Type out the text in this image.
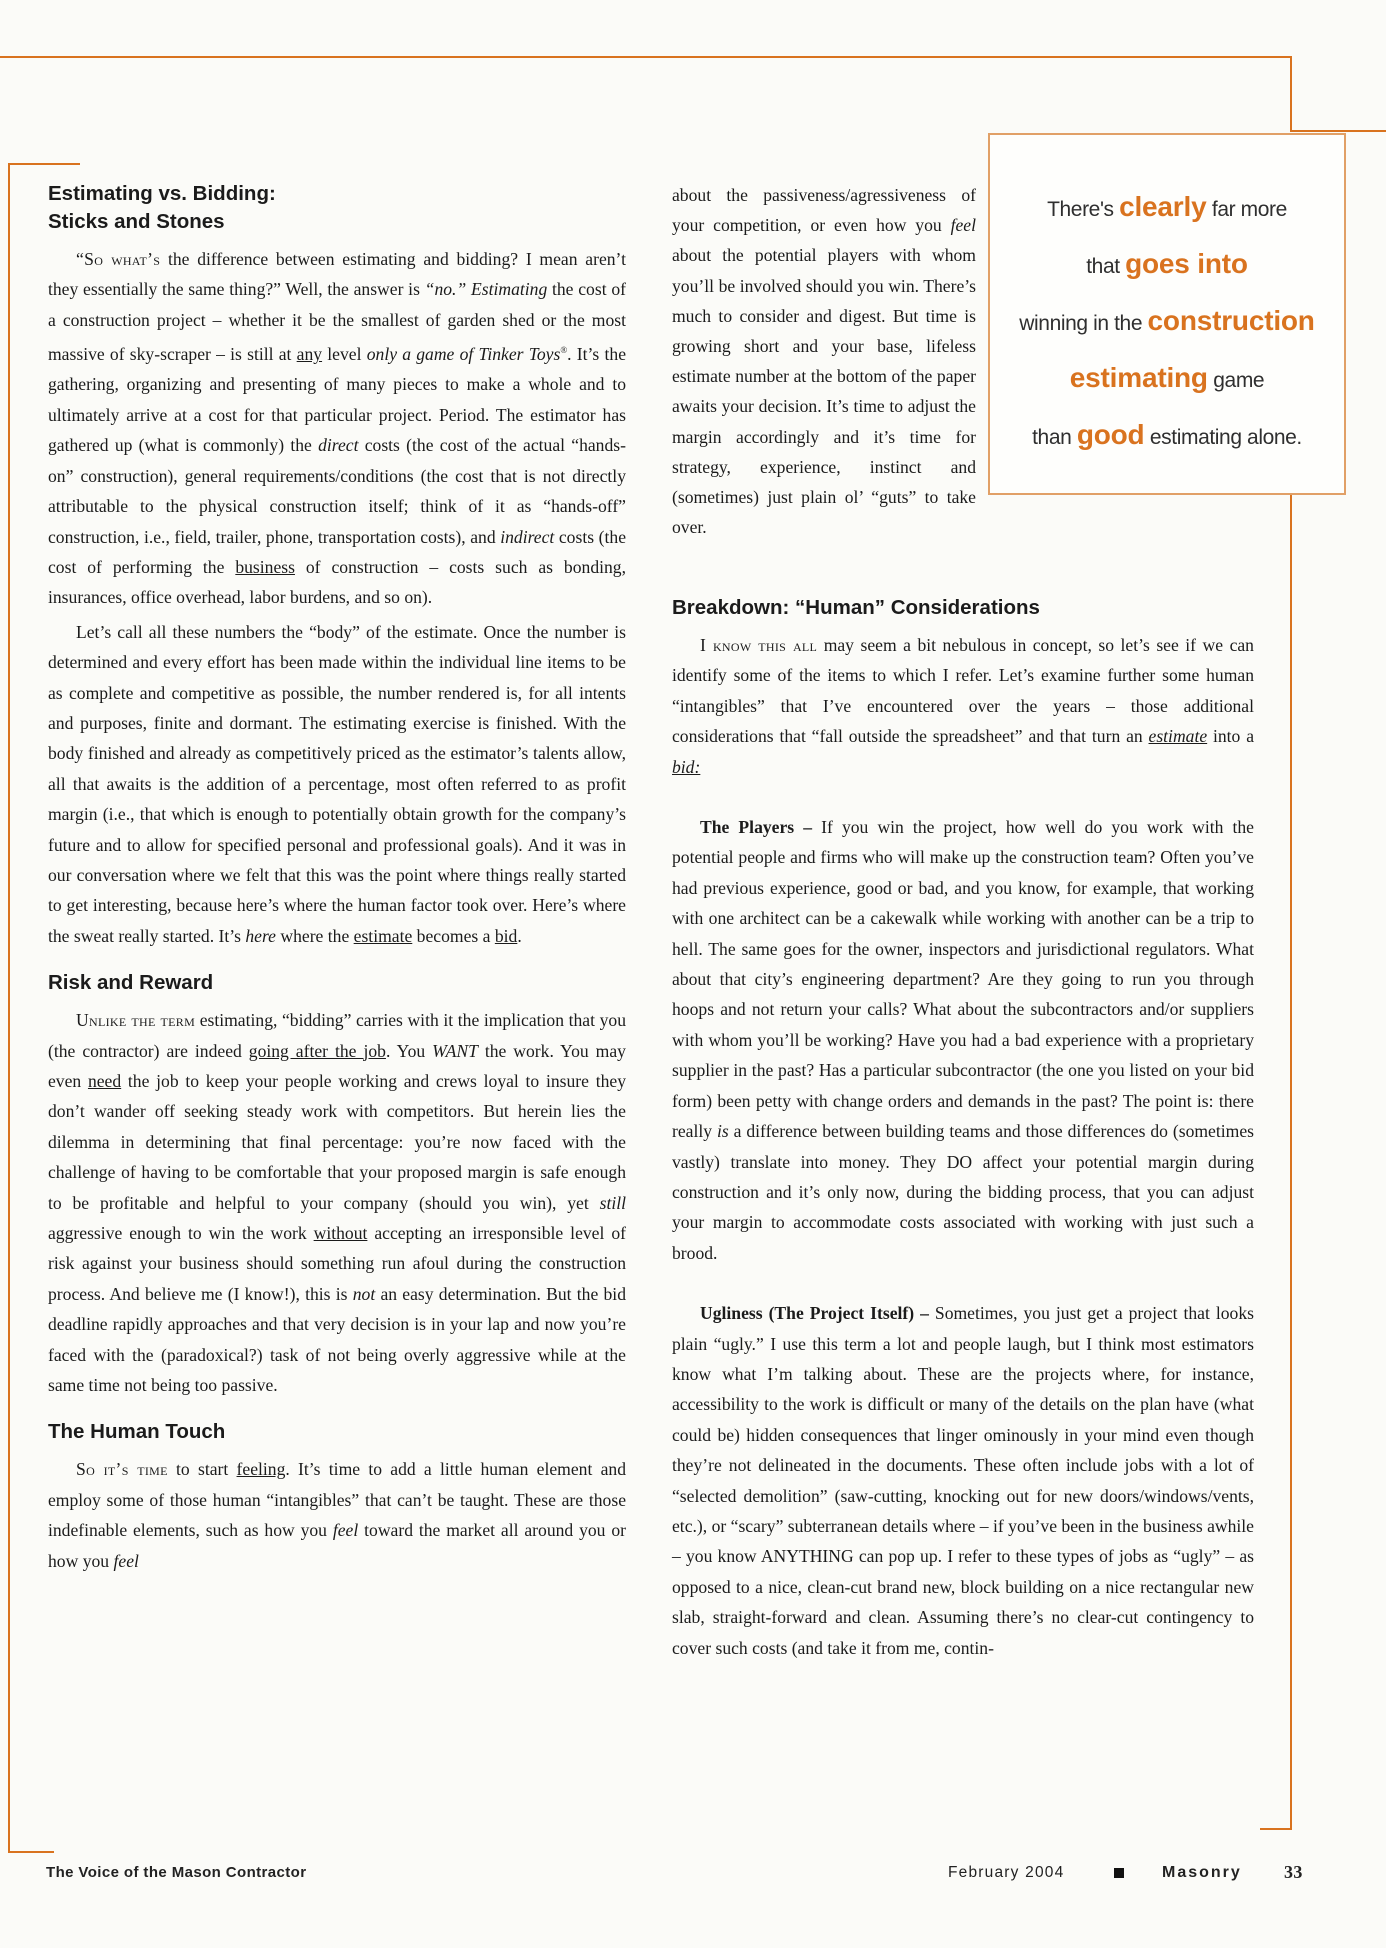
There's clearly far more
that goes into
winning in the construction
estimating game
than good estimating alone.
Estimating vs. Bidding:
Sticks and Stones

“So what’s the difference between estimating and bidding? I mean aren’t they essentially the same thing?” Well, the answer is “no.” Estimating the cost of a construction project – whether it be the smallest of garden shed or the most massive of sky-scraper – is still at any level only a game of Tinker Toys®. It’s the gathering, organizing and presenting of many pieces to make a whole and to ultimately arrive at a cost for that particular project. Period. The estimator has gathered up (what is commonly) the direct costs (the cost of the actual “hands-on” construction), general requirements/conditions (the cost that is not directly attributable to the physical construction itself; think of it as “hands-off” construction, i.e., field, trailer, phone, transportation costs), and indirect costs (the cost of performing the business of construction – costs such as bonding, insurances, office overhead, labor burdens, and so on).

Let’s call all these numbers the “body” of the estimate. Once the number is determined and every effort has been made within the individual line items to be as complete and competitive as possible, the number rendered is, for all intents and purposes, finite and dormant. The estimating exercise is finished. With the body finished and already as competitively priced as the estimator’s talents allow, all that awaits is the addition of a percentage, most often referred to as profit margin (i.e., that which is enough to potentially obtain growth for the company’s future and to allow for specified personal and professional goals). And it was in our conversation where we felt that this was the point where things really started to get interesting, because here’s where the human factor took over. Here’s where the sweat really started. It’s here where the estimate becomes a bid.

Risk and Reward

Unlike the term estimating, “bidding” carries with it the implication that you (the contractor) are indeed going after the job. You WANT the work. You may even need the job to keep your people working and crews loyal to insure they don’t wander off seeking steady work with competitors. But herein lies the dilemma in determining that final percentage: you’re now faced with the challenge of having to be comfortable that your proposed margin is safe enough to be profitable and helpful to your company (should you win), yet still aggressive enough to win the work without accepting an irresponsible level of risk against your business should something run afoul during the construction process. And believe me (I know!), this is not an easy determination. But the bid deadline rapidly approaches and that very decision is in your lap and now you’re faced with the (paradoxical?) task of not being overly aggressive while at the same time not being too passive.

The Human Touch

So it’s time to start feeling. It’s time to add a little human element and employ some of those human “intangibles” that can’t be taught. These are those indefinable elements, such as how you feel toward the market all around you or how you feel

about the passiveness/agressiveness of your competition, or even how you feel about the potential players with whom you’ll be involved should you win. There’s much to consider and digest. But time is growing short and your base, lifeless estimate number at the bottom of the paper awaits your decision. It’s time to adjust the margin accordingly and it’s time for strategy, experience, instinct and (sometimes) just plain ol’ “guts” to take over.

Breakdown: “Human” Considerations

I know this all may seem a bit nebulous in concept, so let’s see if we can identify some of the items to which I refer. Let’s examine further some human “intangibles” that I’ve encountered over the years – those additional considerations that “fall outside the spreadsheet” and that turn an estimate into a bid:

The Players – If you win the project, how well do you work with the potential people and firms who will make up the construction team? Often you’ve had previous experience, good or bad, and you know, for example, that working with one architect can be a cakewalk while working with another can be a trip to hell. The same goes for the owner, inspectors and jurisdictional regulators. What about that city’s engineering department? Are they going to run you through hoops and not return your calls? What about the subcontractors and/or suppliers with whom you’ll be working? Have you had a bad experience with a proprietary supplier in the past? Has a particular subcontractor (the one you listed on your bid form) been petty with change orders and demands in the past? The point is: there really is a difference between building teams and those differences do (sometimes vastly) translate into money. They DO affect your potential margin during construction and it’s only now, during the bidding process, that you can adjust your margin to accommodate costs associated with working with just such a brood.

Ugliness (The Project Itself) – Sometimes, you just get a project that looks plain “ugly.” I use this term a lot and people laugh, but I think most estimators know what I’m talking about. These are the projects where, for instance, accessibility to the work is difficult or many of the details on the plan have (what could be) hidden consequences that linger ominously in your mind even though they’re not delineated in the documents. These often include jobs with a lot of “selected demolition” (saw-cutting, knocking out for new doors/windows/vents, etc.), or “scary” subterranean details where – if you’ve been in the business awhile – you know ANYTHING can pop up. I refer to these types of jobs as “ugly” – as opposed to a nice, clean-cut brand new, block building on a nice rectangular new slab, straight-forward and clean. Assuming there’s no clear-cut contingency to cover such costs (and take it from me, contin-

The Voice of the Mason Contractor	February 2004	Masonry 33
